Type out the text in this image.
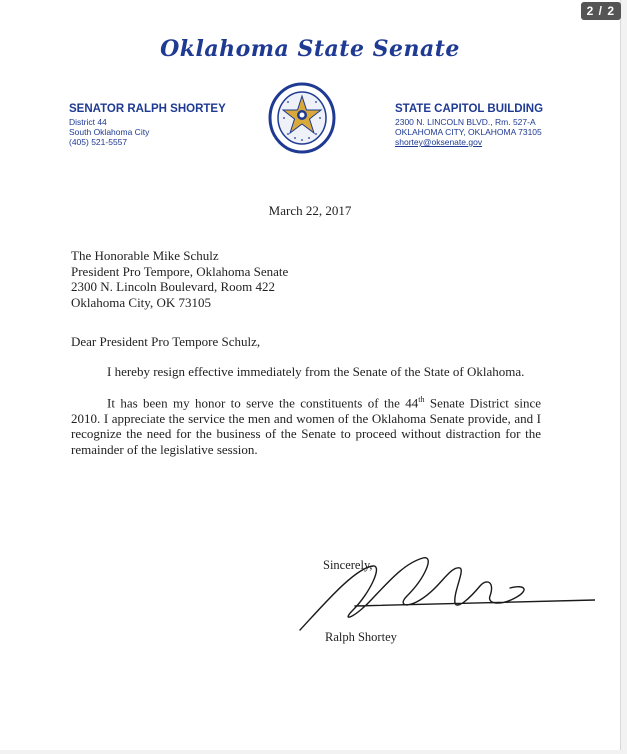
Oklahoma State Senate
SENATOR RALPH SHORTEY
District 44
South Oklahoma City
(405) 521-5557
STATE CAPITOL BUILDING
2300 N. LINCOLN BLVD., Rm. 527-A
OKLAHOMA CITY, OKLAHOMA 73105
shortey@oksenate.gov
March 22, 2017
The Honorable Mike Schulz
President Pro Tempore, Oklahoma Senate
2300 N. Lincoln Boulevard, Room 422
Oklahoma City, OK 73105
Dear President Pro Tempore Schulz,
I hereby resign effective immediately from the Senate of the State of Oklahoma.
It has been my honor to serve the constituents of the 44th Senate District since 2010. I appreciate the service the men and women of the Oklahoma Senate provide, and I recognize the need for the business of the Senate to proceed without distraction for the remainder of the legislative session.
Sincerely,
Ralph Shortey
2 / 2
